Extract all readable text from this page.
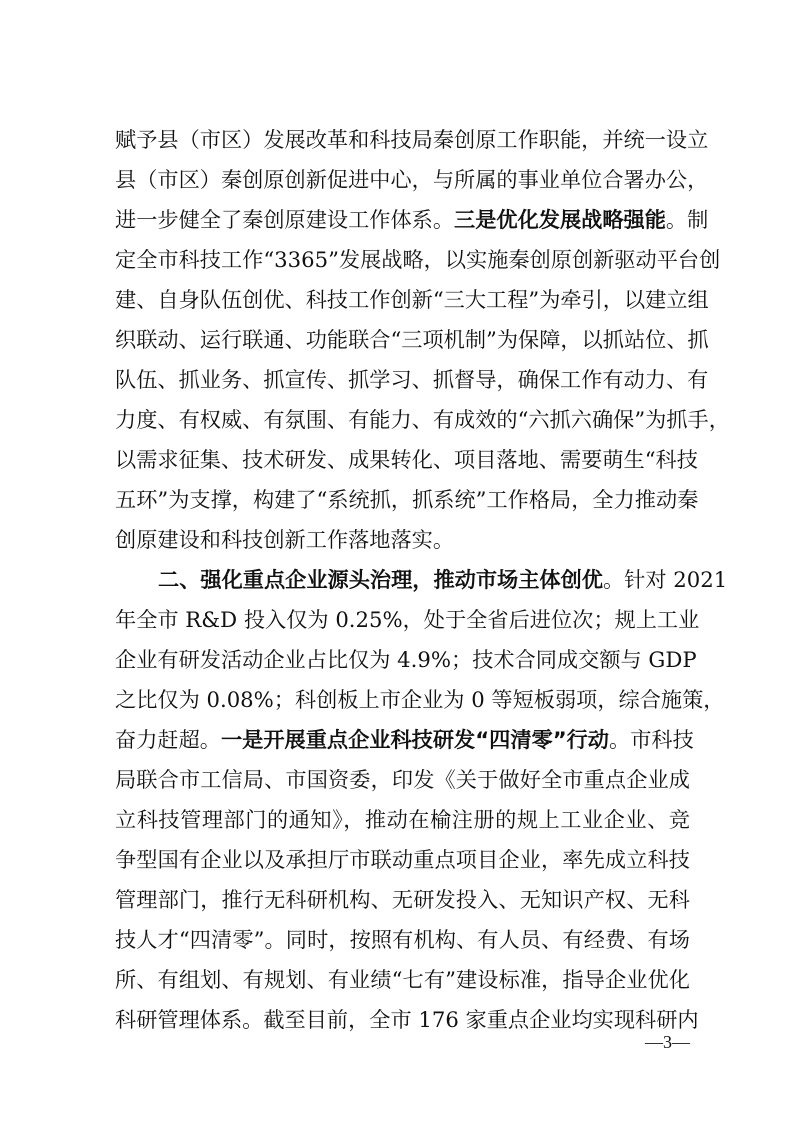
赋予县（市区）发展改革和科技局秦创原工作职能，并统一设立
县（市区）秦创原创新促进中心，与所属的事业单位合署办公，
进一步健全了秦创原建设工作体系。三是优化发展战略强能。制
定全市科技工作“3365”发展战略，以实施秦创原创新驱动平台创
建、自身队伍创优、科技工作创新“三大工程”为牵引，以建立组
织联动、运行联通、功能联合“三项机制”为保障，以抓站位、抓
队伍、抓业务、抓宣传、抓学习、抓督导，确保工作有动力、有
力度、有权威、有氛围、有能力、有成效的“六抓六确保”为抓手，
以需求征集、技术研发、成果转化、项目落地、需要萌生“科技
五环”为支撑，构建了“系统抓，抓系统”工作格局，全力推动秦
创原建设和科技创新工作落地落实。
二、强化重点企业源头治理，推动市场主体创优。针对 2021
年全市 R&D 投入仅为 0.25%，处于全省后进位次；规上工业
企业有研发活动企业占比仅为 4.9%；技术合同成交额与 GDP
之比仅为 0.08%；科创板上市企业为 0 等短板弱项，综合施策，
奋力赶超。一是开展重点企业科技研发“四清零”行动。市科技
局联合市工信局、市国资委，印发《关于做好全市重点企业成
立科技管理部门的通知》，推动在榆注册的规上工业企业、竞
争型国有企业以及承担厅市联动重点项目企业，率先成立科技
管理部门，推行无科研机构、无研发投入、无知识产权、无科
技人才“四清零”。同时，按照有机构、有人员、有经费、有场
所、有组划、有规划、有业绩“七有”建设标准，指导企业优化
科研管理体系。截至目前，全市 176 家重点企业均实现科研内
—3—
